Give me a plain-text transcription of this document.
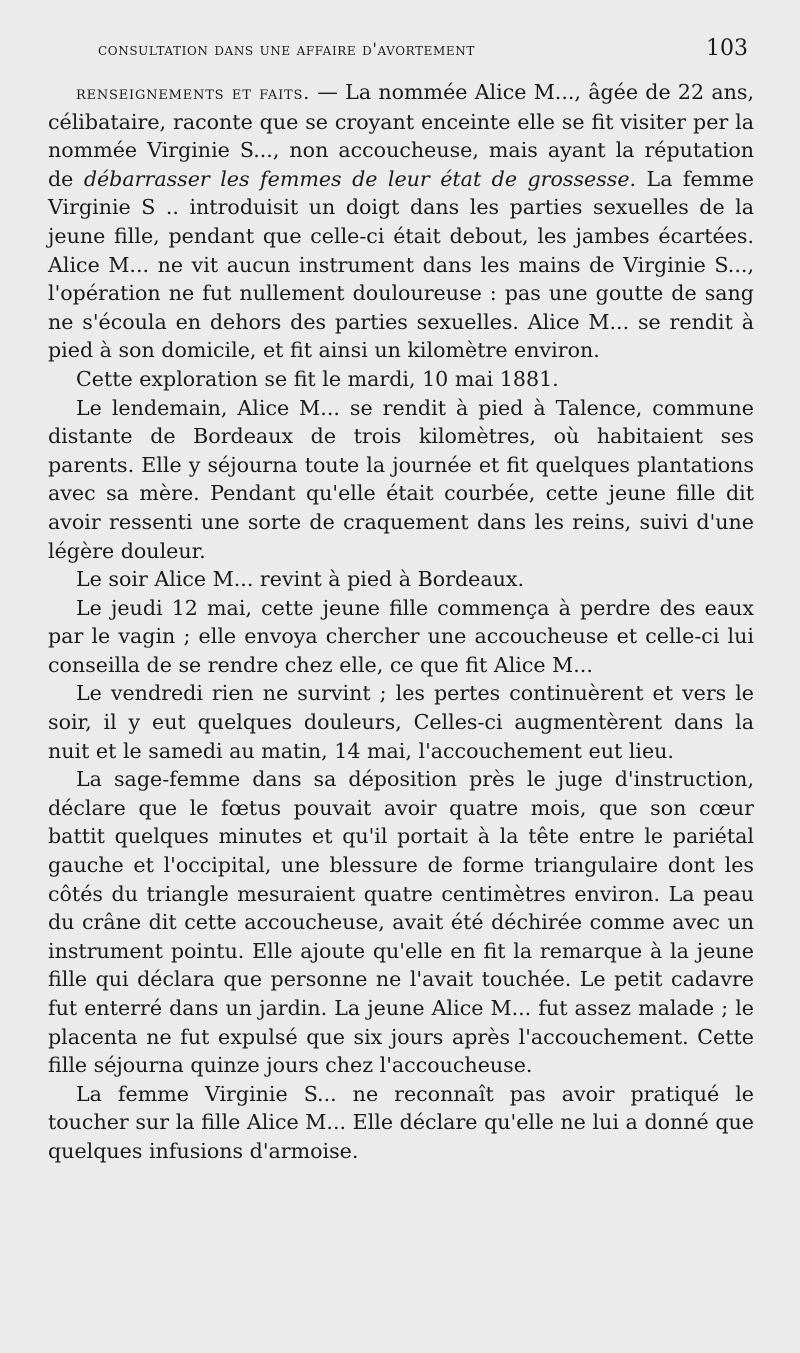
consultation dans une affaire d'avortement	103

renseignements et faits. — La nommée Alice M..., âgée de 22 ans, célibataire, raconte que se croyant enceinte elle se fit visiter per la nommée Virginie S..., non accoucheuse, mais ayant la réputation de débarrasser les femmes de leur état de grossesse. La femme Virginie S .. introduisit un doigt dans les parties sexuelles de la jeune fille, pendant que celle-ci était debout, les jambes écartées. Alice M... ne vit aucun instrument dans les mains de Virginie S..., l'opération ne fut nullement douloureuse : pas une goutte de sang ne s'écoula en dehors des parties sexuelles. Alice M... se rendit à pied à son domicile, et fit ainsi un kilomètre environ.

Cette exploration se fit le mardi, 10 mai 1881.

Le lendemain, Alice M... se rendit à pied à Talence, commune distante de Bordeaux de trois kilomètres, où habitaient ses parents. Elle y séjourna toute la journée et fit quelques plantations avec sa mère. Pendant qu'elle était courbée, cette jeune fille dit avoir ressenti une sorte de craquement dans les reins, suivi d'une légère douleur.

Le soir Alice M... revint à pied à Bordeaux.

Le jeudi 12 mai, cette jeune fille commença à perdre des eaux par le vagin ; elle envoya chercher une accoucheuse et celle-ci lui conseilla de se rendre chez elle, ce que fit Alice M...

Le vendredi rien ne survint ; les pertes continuèrent et vers le soir, il y eut quelques douleurs, Celles-ci augmentèrent dans la nuit et le samedi au matin, 14 mai, l'accouchement eut lieu.

La sage-femme dans sa déposition près le juge d'instruction, déclare que le fœtus pouvait avoir quatre mois, que son cœur battit quelques minutes et qu'il portait à la tête entre le pariétal gauche et l'occipital, une blessure de forme triangulaire dont les côtés du triangle mesuraient quatre centimètres environ. La peau du crâne dit cette accoucheuse, avait été déchirée comme avec un instrument pointu. Elle ajoute qu'elle en fit la remarque à la jeune fille qui déclara que personne ne l'avait touchée. Le petit cadavre fut enterré dans un jardin. La jeune Alice M... fut assez malade ; le placenta ne fut expulsé que six jours après l'accouchement. Cette fille séjourna quinze jours chez l'accoucheuse.

La femme Virginie S... ne reconnaît pas avoir pratiqué le toucher sur la fille Alice M... Elle déclare qu'elle ne lui a donné que quelques infusions d'armoise.
